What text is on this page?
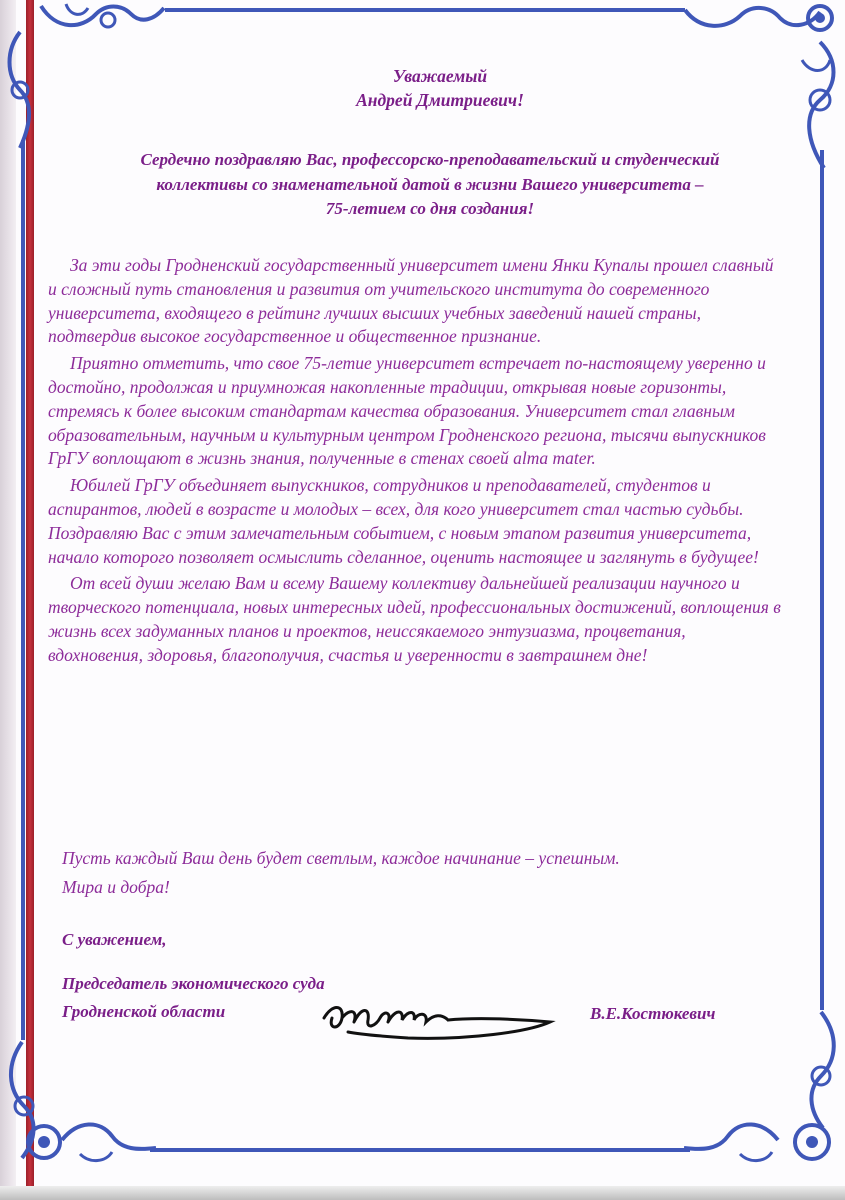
Уважаемый
Андрей Дмитриевич!
Сердечно поздравляю Вас, профессорско-преподавательский и студенческий
коллективы со знаменательной датой в жизни Вашего университета –
75-летием со дня создания!

За эти годы Гродненский государственный университет имени Янки Купалы прошел славный и сложный путь становления и развития от учительского института до современного университета, входящего в рейтинг лучших высших учебных заведений нашей страны, подтвердив высокое государственное и общественное признание.

Приятно отметить, что свое 75-летие университет встречает по-настоящему уверенно и достойно, продолжая и приумножая накопленные традиции, открывая новые горизонты, стремясь к более высоким стандартам качества образования. Университет стал главным образовательным, научным и культурным центром Гродненского региона, тысячи выпускников ГрГУ воплощают в жизнь знания, полученные в стенах своей alma mater.

Юбилей ГрГУ объединяет выпускников, сотрудников и преподавателей, студентов и аспирантов, людей в возрасте и молодых – всех, для кого университет стал частью судьбы. Поздравляю Вас с этим замечательным событием, с новым этапом развития университета, начало которого позволяет осмыслить сделанное, оценить настоящее и заглянуть в будущее!

От всей души желаю Вам и всему Вашему коллективу дальнейшей реализации научного и творческого потенциала, новых интересных идей, профессиональных достижений, воплощения в жизнь всех задуманных планов и проектов, неиссякаемого энтузиазма, процветания, вдохновения, здоровья, благополучия, счастья и уверенности в завтрашнем дне!

Пусть каждый Ваш день будет светлым, каждое начинание – успешным.
Мира и добра!
С уважением,
Председатель экономического суда
Гродненской области	В.Е.Костюкевич
